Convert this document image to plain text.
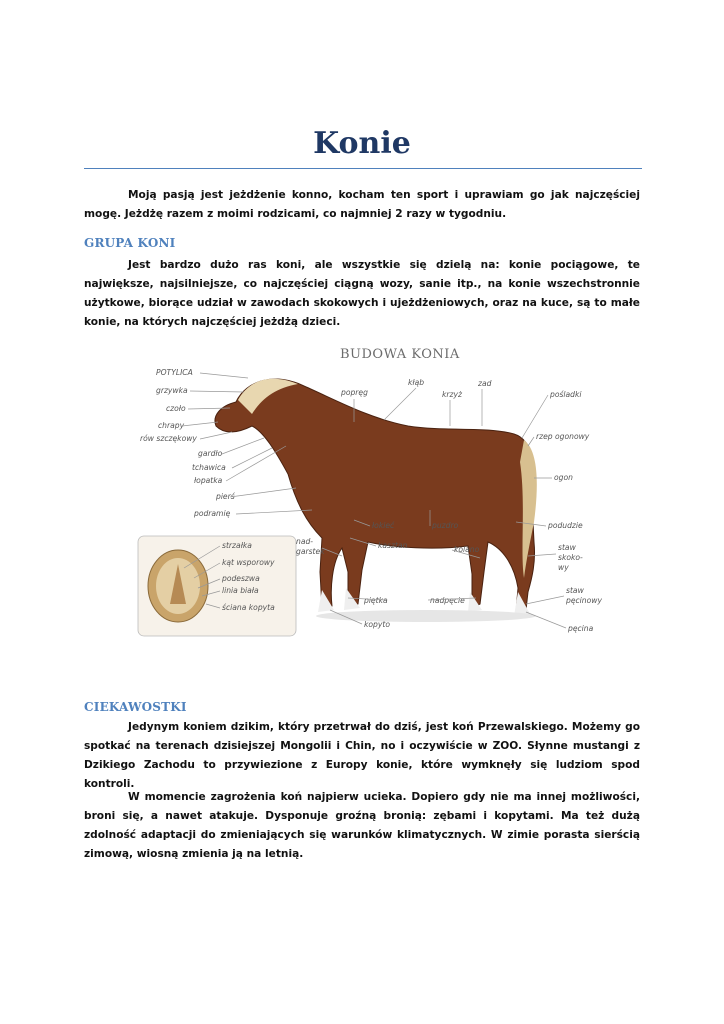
Konie

Moją pasją jest jeżdżenie konno, kocham ten sport i uprawiam go jak najczęściej mogę. Jeżdżę razem z moimi rodzicami, co najmniej 2 razy w tygodniu.

GRUPA KONI

Jest bardzo dużo ras koni, ale wszystkie się dzielą na: konie pociągowe, te największe, najsilniejsze, co najczęściej ciągną wozy, sanie itp., na konie wszechstronnie użytkowe, biorące udział w zawodach skokowych i ujeżdżeniowych, oraz na kuce, są to małe konie, na których najczęściej jeżdżą dzieci.

BUDOWA KONIA
strzałka
kąt wsporowy
podeszwa
linia biała
ściana kopyta
POTYLICA
grzywka
czoło
chrapy
rów szczękowy
gardło
tchawica
łopatka
pierś
podramię
popręg
kłąb
krzyż
zad
pośladki
rzep ogonowy
ogon
łokieć	puzdro	podudzie
nad-
garstek
kasztan	kolano	staw
skoko-
wy
staw
pęcinowy
piętka	nadpęcie
kopyto	pęcina
CIEKAWOSTKI

Jedynym koniem dzikim, który przetrwał do dziś, jest koń Przewalskiego. Możemy go spotkać na terenach dzisiejszej Mongolii i Chin, no i oczywiście w ZOO. Słynne mustangi z Dzikiego Zachodu to przywiezione z Europy konie, które wymknęły się ludziom spod kontroli.

W momencie zagrożenia koń najpierw ucieka. Dopiero gdy nie ma innej możliwości, broni się, a nawet atakuje. Dysponuje groźną bronią: zębami i kopytami. Ma też dużą zdolność adaptacji do zmieniających się warunków klimatycznych. W zimie porasta sierścią zimową, wiosną zmienia ją na letnią.
